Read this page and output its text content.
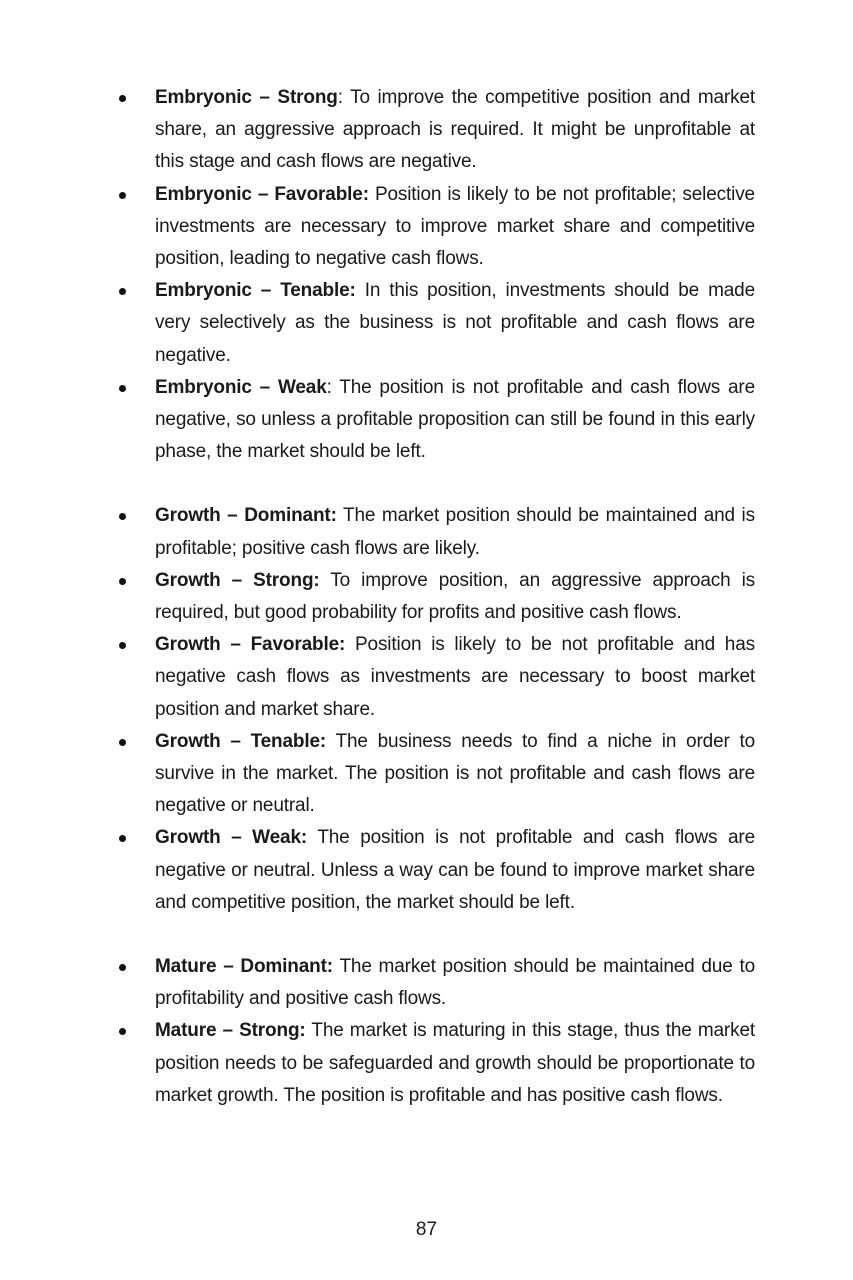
Embryonic – Strong: To improve the competitive position and market share, an aggressive approach is required. It might be unprofitable at this stage and cash flows are negative.
Embryonic – Favorable: Position is likely to be not profitable; selective investments are necessary to improve market share and competitive position, leading to negative cash flows.
Embryonic – Tenable: In this position, investments should be made very selectively as the business is not profitable and cash flows are negative.
Embryonic – Weak: The position is not profitable and cash flows are negative, so unless a profitable proposition can still be found in this early phase, the market should be left.
Growth – Dominant: The market position should be maintained and is profitable; positive cash flows are likely.
Growth – Strong: To improve position, an aggressive approach is required, but good probability for profits and positive cash flows.
Growth – Favorable: Position is likely to be not profitable and has negative cash flows as investments are necessary to boost market position and market share.
Growth – Tenable: The business needs to find a niche in order to survive in the market. The position is not profitable and cash flows are negative or neutral.
Growth – Weak: The position is not profitable and cash flows are negative or neutral. Unless a way can be found to improve market share and competitive position, the market should be left.
Mature – Dominant: The market position should be maintained due to profitability and positive cash flows.
Mature – Strong: The market is maturing in this stage, thus the market position needs to be safeguarded and growth should be proportionate to market growth. The position is profitable and has positive cash flows.
87
